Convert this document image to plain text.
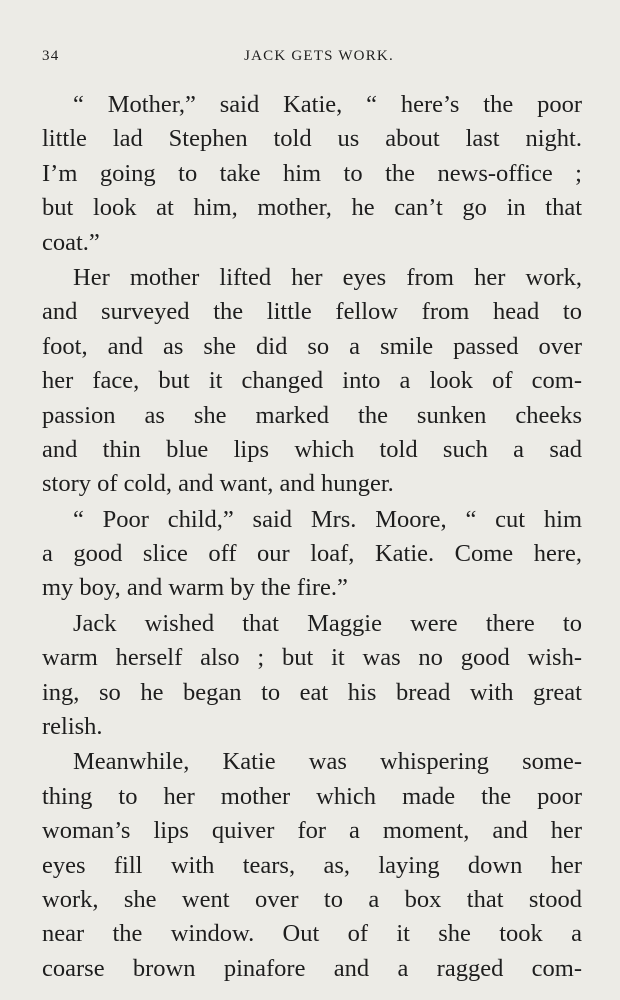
34	JACK GETS WORK.

“ Mother,” said Katie, “ here’s the poor
little lad Stephen told us about last night.
I’m going to take him to the news-office ;
but look at him, mother, he can’t go in that
coat.”

Her mother lifted her eyes from her work,
and surveyed the little fellow from head to
foot, and as she did so a smile passed over
her face, but it changed into a look of com-
passion as she marked the sunken cheeks
and thin blue lips which told such a sad
story of cold, and want, and hunger.

“ Poor child,” said Mrs. Moore, “ cut him
a good slice off our loaf, Katie. Come here,
my boy, and warm by the fire.”

Jack wished that Maggie were there to
warm herself also ; but it was no good wish-
ing, so he began to eat his bread with great
relish.

Meanwhile, Katie was whispering some-
thing to her mother which made the poor
woman’s lips quiver for a moment, and her
eyes fill with tears, as, laying down her
work, she went over to a box that stood
near the window. Out of it she took a
coarse brown pinafore and a ragged com-
